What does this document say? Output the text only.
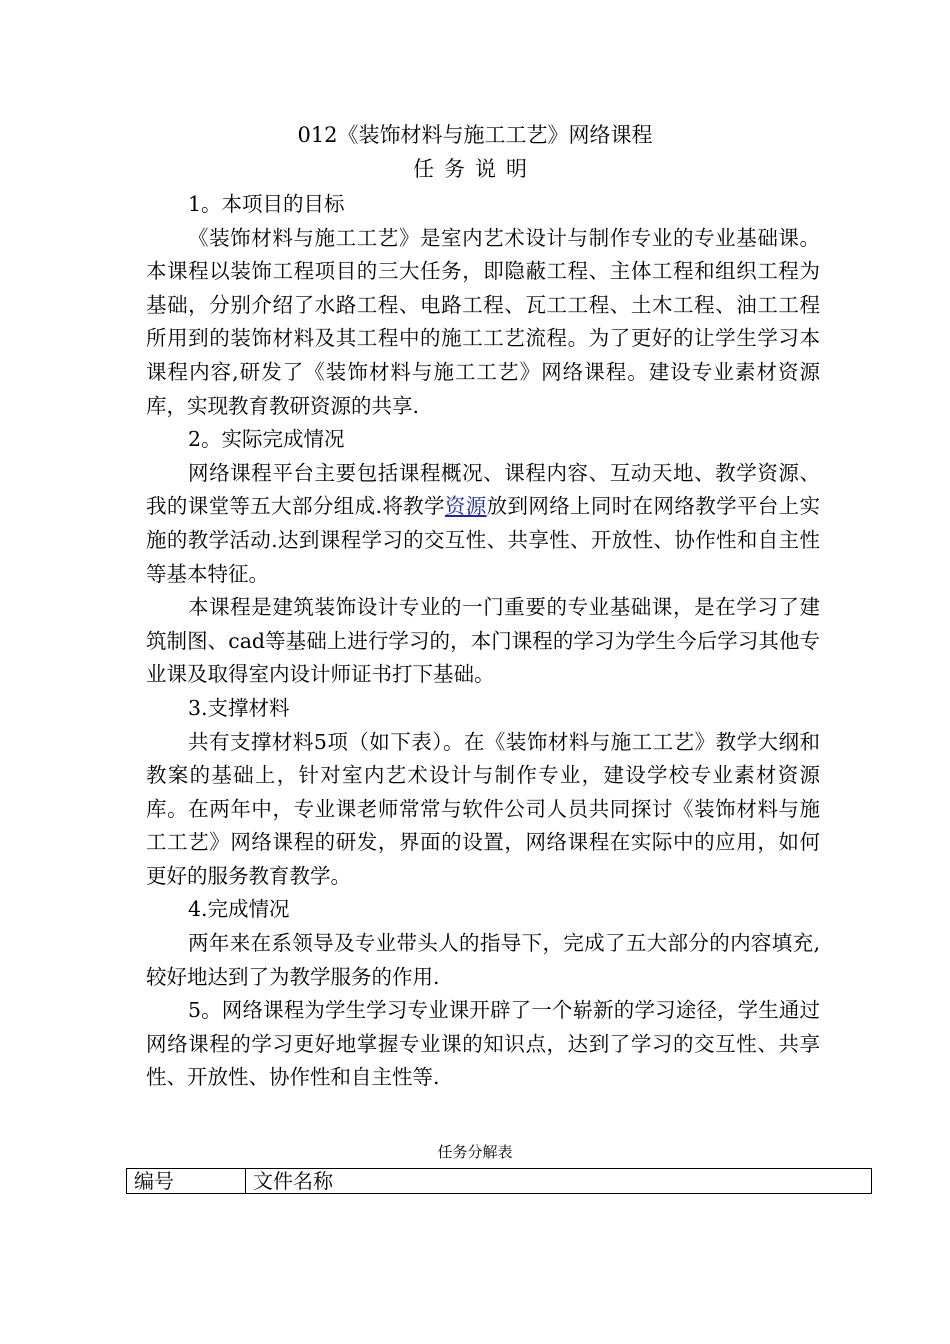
012《装饰材料与施工工艺》网络课程
任务说明

1。本项目的目标

《装饰材料与施工工艺》是室内艺术设计与制作专业的专业基础课。本课程以装饰工程项目的三大任务，即隐蔽工程、主体工程和组织工程为基础，分别介绍了水路工程、电路工程、瓦工工程、土木工程、油工工程所用到的装饰材料及其工程中的施工工艺流程。为了更好的让学生学习本课程内容,研发了《装饰材料与施工工艺》网络课程。建设专业素材资源库，实现教育教研资源的共享.

2。实际完成情况

网络课程平台主要包括课程概况、课程内容、互动天地、教学资源、我的课堂等五大部分组成.将教学资源放到网络上同时在网络教学平台上实施的教学活动.达到课程学习的交互性、共享性、开放性、协作性和自主性等基本特征。

本课程是建筑装饰设计专业的一门重要的专业基础课，是在学习了建筑制图、cad等基础上进行学习的，本门课程的学习为学生今后学习其他专业课及取得室内设计师证书打下基础。

3.支撑材料

共有支撑材料5项（如下表）。在《装饰材料与施工工艺》教学大纲和教案的基础上，针对室内艺术设计与制作专业，建设学校专业素材资源库。在两年中，专业课老师常常与软件公司人员共同探讨《装饰材料与施工工艺》网络课程的研发，界面的设置，网络课程在实际中的应用，如何更好的服务教育教学。

4.完成情况

两年来在系领导及专业带头人的指导下，完成了五大部分的内容填充,较好地达到了为教学服务的作用.

5。网络课程为学生学习专业课开辟了一个崭新的学习途径，学生通过网络课程的学习更好地掌握专业课的知识点，达到了学习的交互性、共享性、开放性、协作性和自主性等.

任务分解表
编号	文件名称
